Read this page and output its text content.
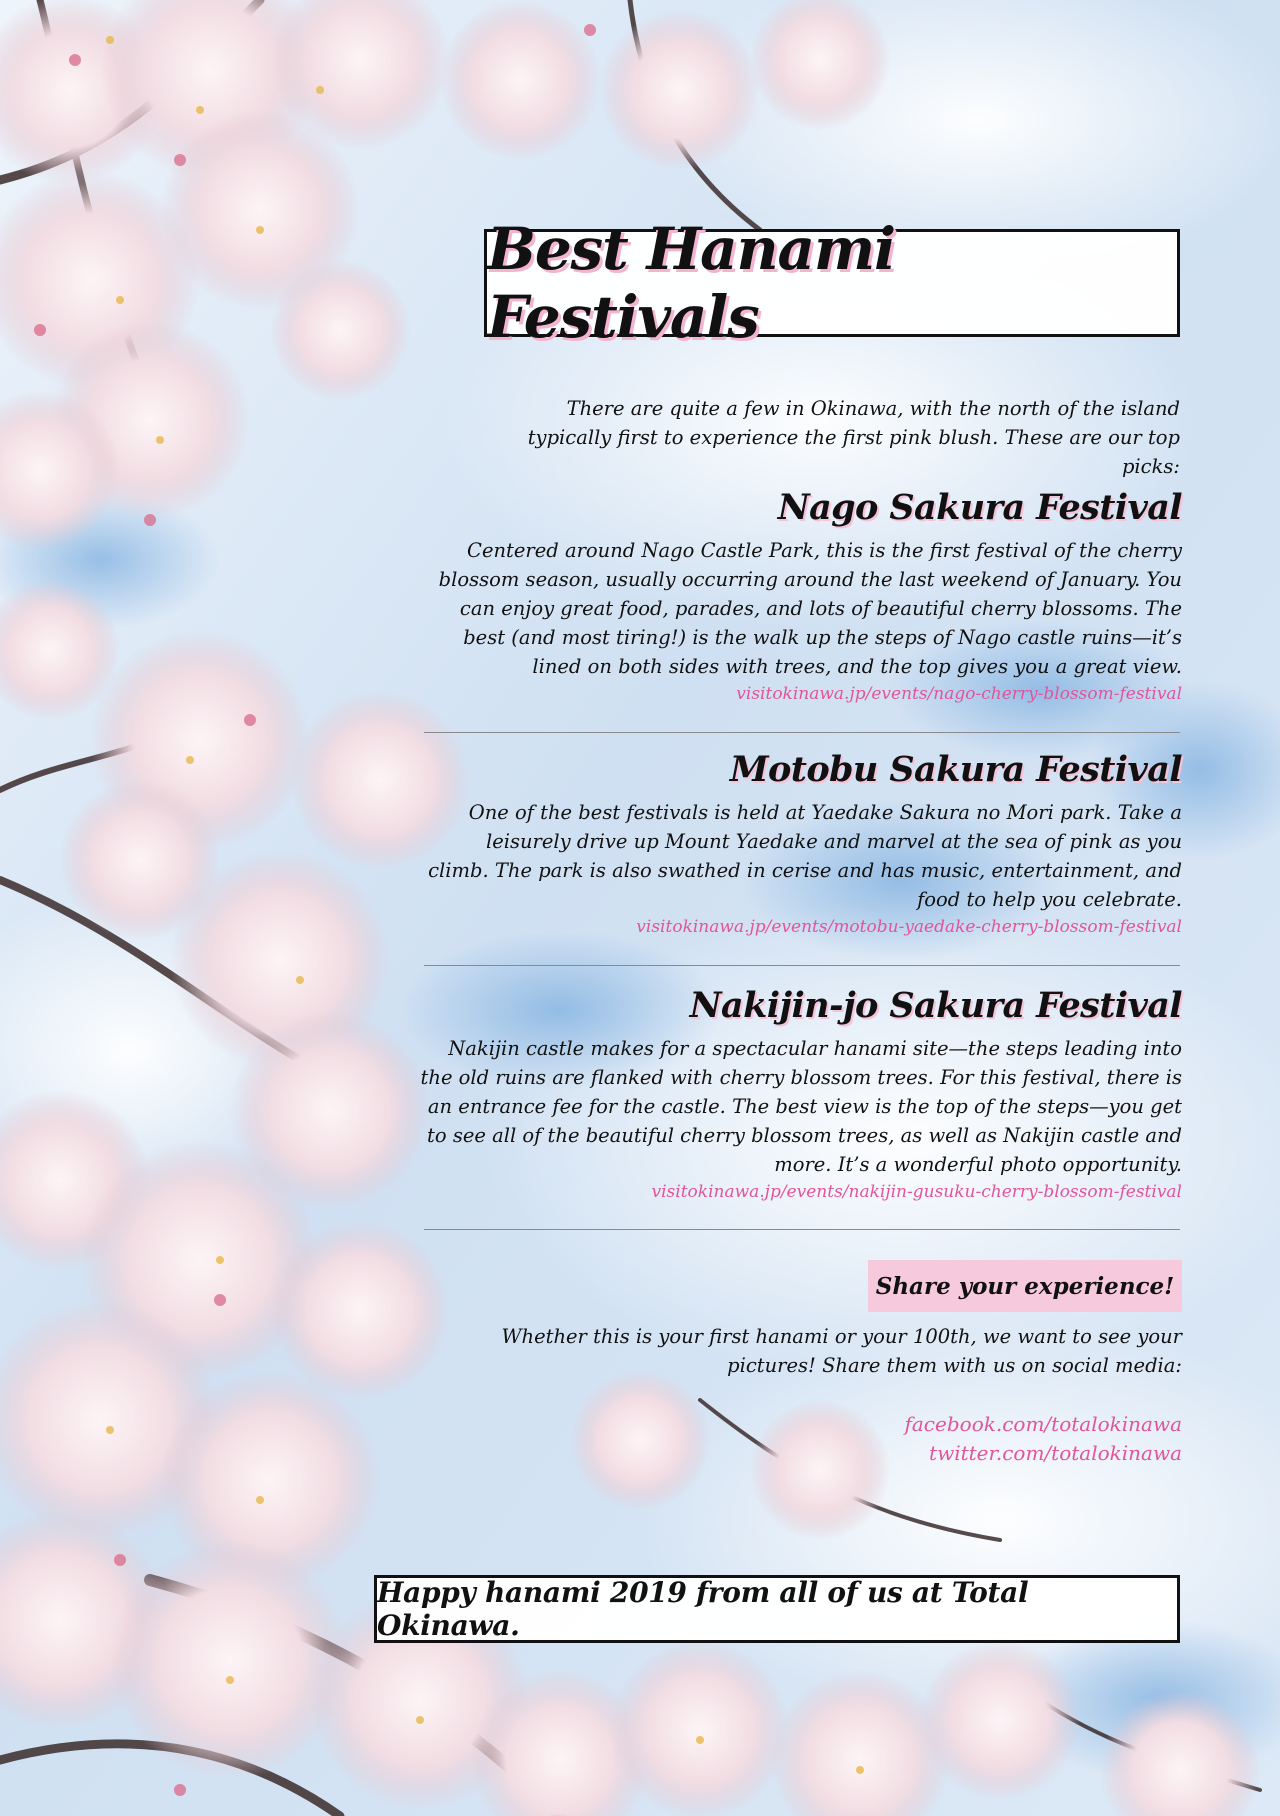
Best Hanami Festivals

There are quite a few in Okinawa, with the north of the island typically first to experience the first pink blush. These are our top picks:

Nago Sakura Festival

Centered around Nago Castle Park, this is the first festival of the cherry blossom season, usually occurring around the last weekend of January. You can enjoy great food, parades, and lots of beautiful cherry blossoms. The best (and most tiring!) is the walk up the steps of Nago castle ruins—it’s lined on both sides with trees, and the top gives you a great view.

visitokinawa.jp/events/nago-cherry-blossom-festival
Motobu Sakura Festival

One of the best festivals is held at Yaedake Sakura no Mori park. Take a leisurely drive up Mount Yaedake and marvel at the sea of pink as you climb. The park is also swathed in cerise and has music, entertainment, and food to help you celebrate.

visitokinawa.jp/events/motobu-yaedake-cherry-blossom-festival
Nakijin-jo Sakura Festival

Nakijin castle makes for a spectacular hanami site—the steps leading into the old ruins are flanked with cherry blossom trees. For this festival, there is an entrance fee for the castle. The best view is the top of the steps—you get to see all of the beautiful cherry blossom trees, as well as Nakijin castle and more. It’s a wonderful photo opportunity.

visitokinawa.jp/events/nakijin-gusuku-cherry-blossom-festival
Share your experience!

Whether this is your first hanami or your 100th, we want to see your pictures! Share them with us on social media:

facebook.com/totalokinawa
twitter.com/totalokinawa
Happy hanami 2019 from all of us at Total Okinawa.
